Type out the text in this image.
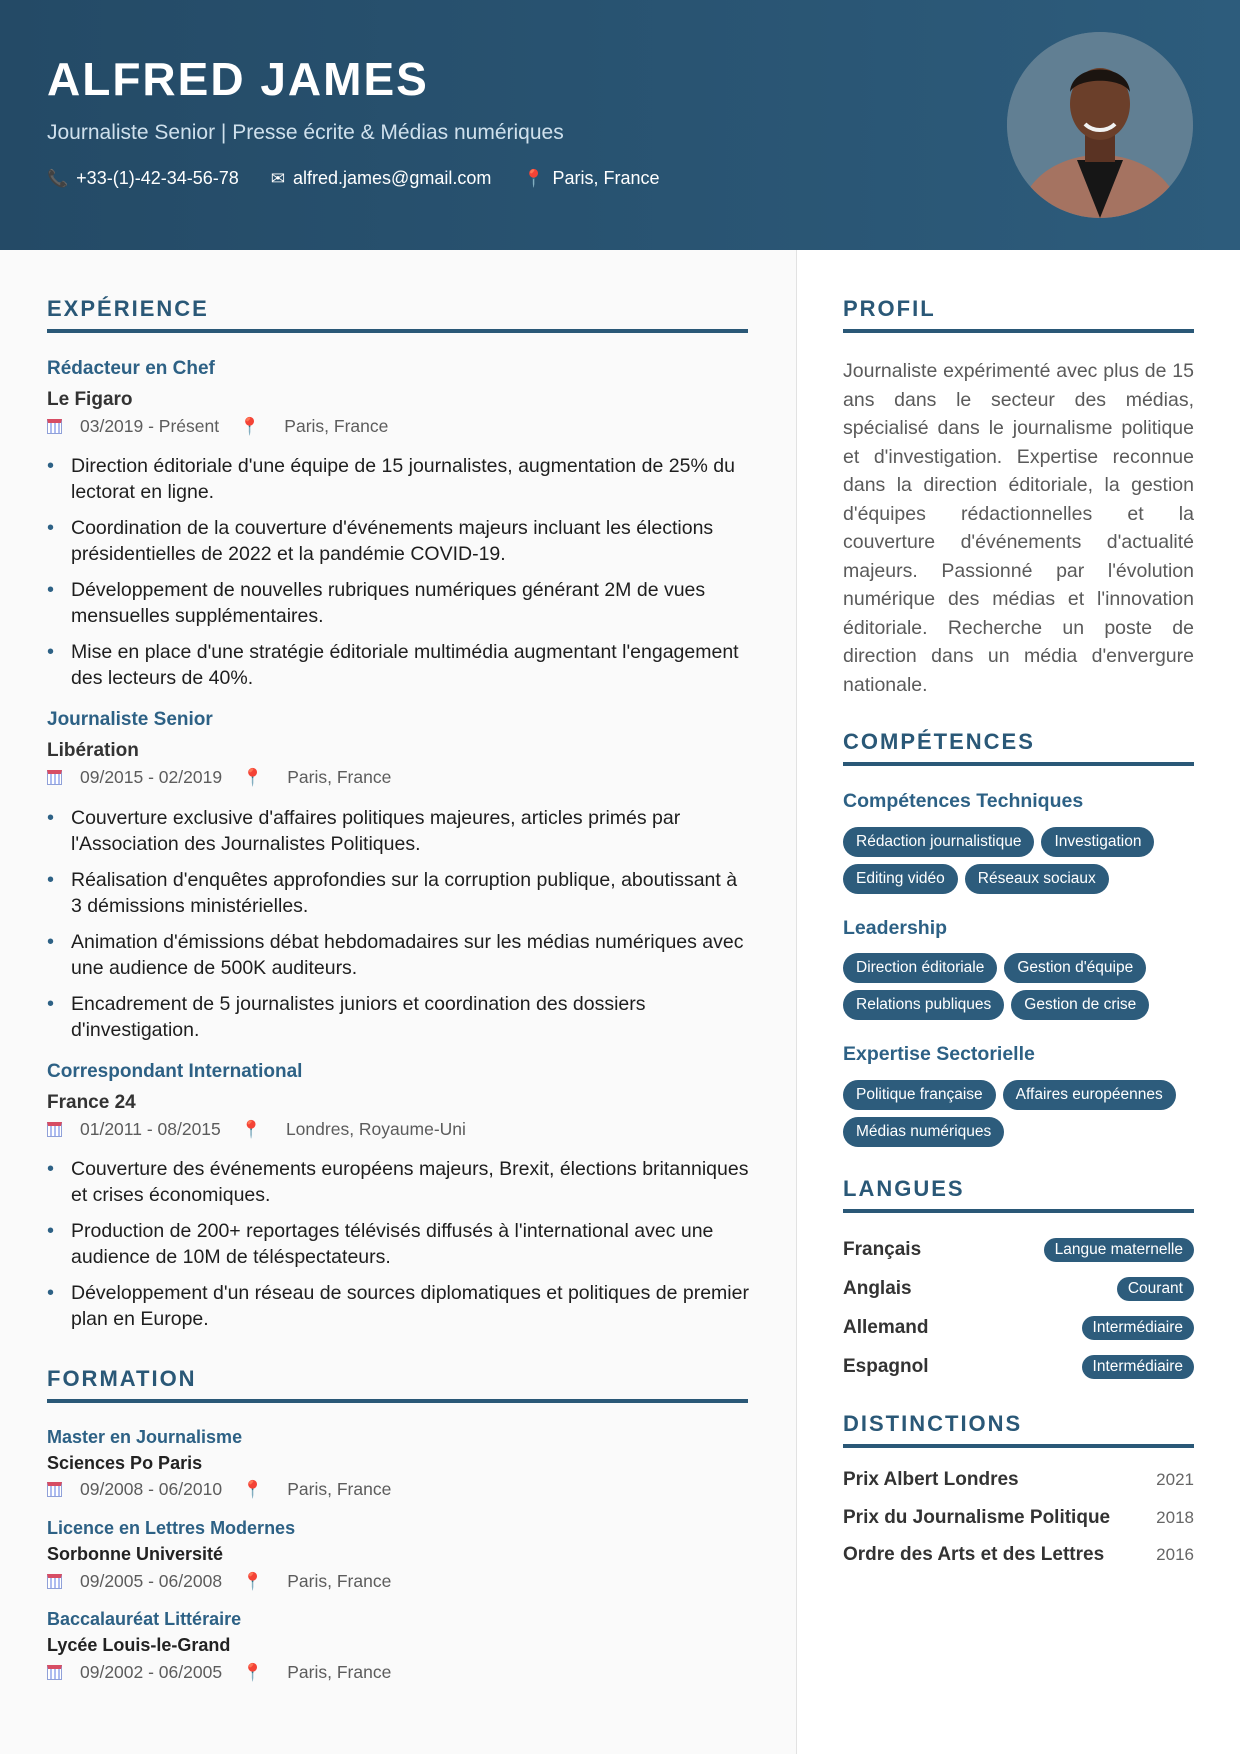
ALFRED JAMES
Journaliste Senior | Presse écrite & Médias numériques
📞 +33-(1)-42-34-56-78 ✉ alfred.james@gmail.com 📍 Paris, France
EXPÉRIENCE
Rédacteur en Chef
Le Figaro
03/2019 - Présent 📍 Paris, France
• Direction éditoriale d'une équipe de 15 journalistes, augmentation de 25% du lectorat en ligne.
• Coordination de la couverture d'événements majeurs incluant les élections présidentielles de 2022 et la pandémie COVID-19.
• Développement de nouvelles rubriques numériques générant 2M de vues mensuelles supplémentaires.
• Mise en place d'une stratégie éditoriale multimédia augmentant l'engagement des lecteurs de 40%.
Journaliste Senior
Libération
09/2015 - 02/2019 📍 Paris, France
• Couverture exclusive d'affaires politiques majeures, articles primés par l'Association des Journalistes Politiques.
• Réalisation d'enquêtes approfondies sur la corruption publique, aboutissant à 3 démissions ministérielles.
• Animation d'émissions débat hebdomadaires sur les médias numériques avec une audience de 500K auditeurs.
• Encadrement de 5 journalistes juniors et coordination des dossiers d'investigation.
Correspondant International
France 24
01/2011 - 08/2015 📍 Londres, Royaume-Uni
• Couverture des événements européens majeurs, Brexit, élections britanniques et crises économiques.
• Production de 200+ reportages télévisés diffusés à l'international avec une audience de 10M de téléspectateurs.
• Développement d'un réseau de sources diplomatiques et politiques de premier plan en Europe.
FORMATION
Master en Journalisme
Sciences Po Paris
09/2008 - 06/2010 📍 Paris, France
Licence en Lettres Modernes
Sorbonne Université
09/2005 - 06/2008 📍 Paris, France
Baccalauréat Littéraire
Lycée Louis-le-Grand
09/2002 - 06/2005 📍 Paris, France
PROFIL
Journaliste expérimenté avec plus de 15 ans dans le secteur des médias, spécialisé dans le journalisme politique et d'investigation. Expertise reconnue dans la direction éditoriale, la gestion d'équipes rédactionnelles et la couverture d'événements d'actualité majeurs. Passionné par l'évolution numérique des médias et l'innovation éditoriale. Recherche un poste de direction dans un média d'envergure nationale.
COMPÉTENCES
Compétences Techniques
Rédaction journalistique	Investigation
Editing vidéo	Réseaux sociaux
Leadership
Direction éditoriale	Gestion d'équipe
Relations publiques	Gestion de crise
Expertise Sectorielle
Politique française	Affaires européennes
Médias numériques
LANGUES
Français	Langue maternelle
Anglais	Courant
Allemand	Intermédiaire
Espagnol	Intermédiaire
DISTINCTIONS
Prix Albert Londres	2021
Prix du Journalisme Politique	2018
Ordre des Arts et des Lettres	2016
